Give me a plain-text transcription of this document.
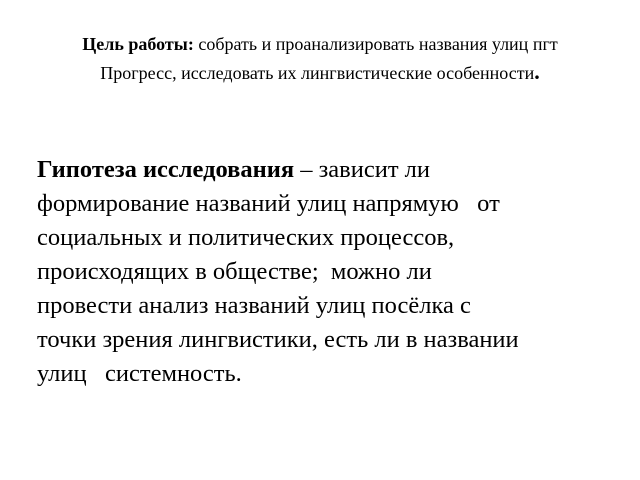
Цель работы: собрать и проанализировать названия улиц пгт
Прогресс, исследовать их лингвистические особенности.
Гипотеза исследования – зависит ли
формирование названий улиц напрямую   от
социальных и политических процессов,
происходящих в обществе;  можно ли
провести анализ названий улиц посёлка с
точки зрения лингвистики, есть ли в названии
улиц   системность.
